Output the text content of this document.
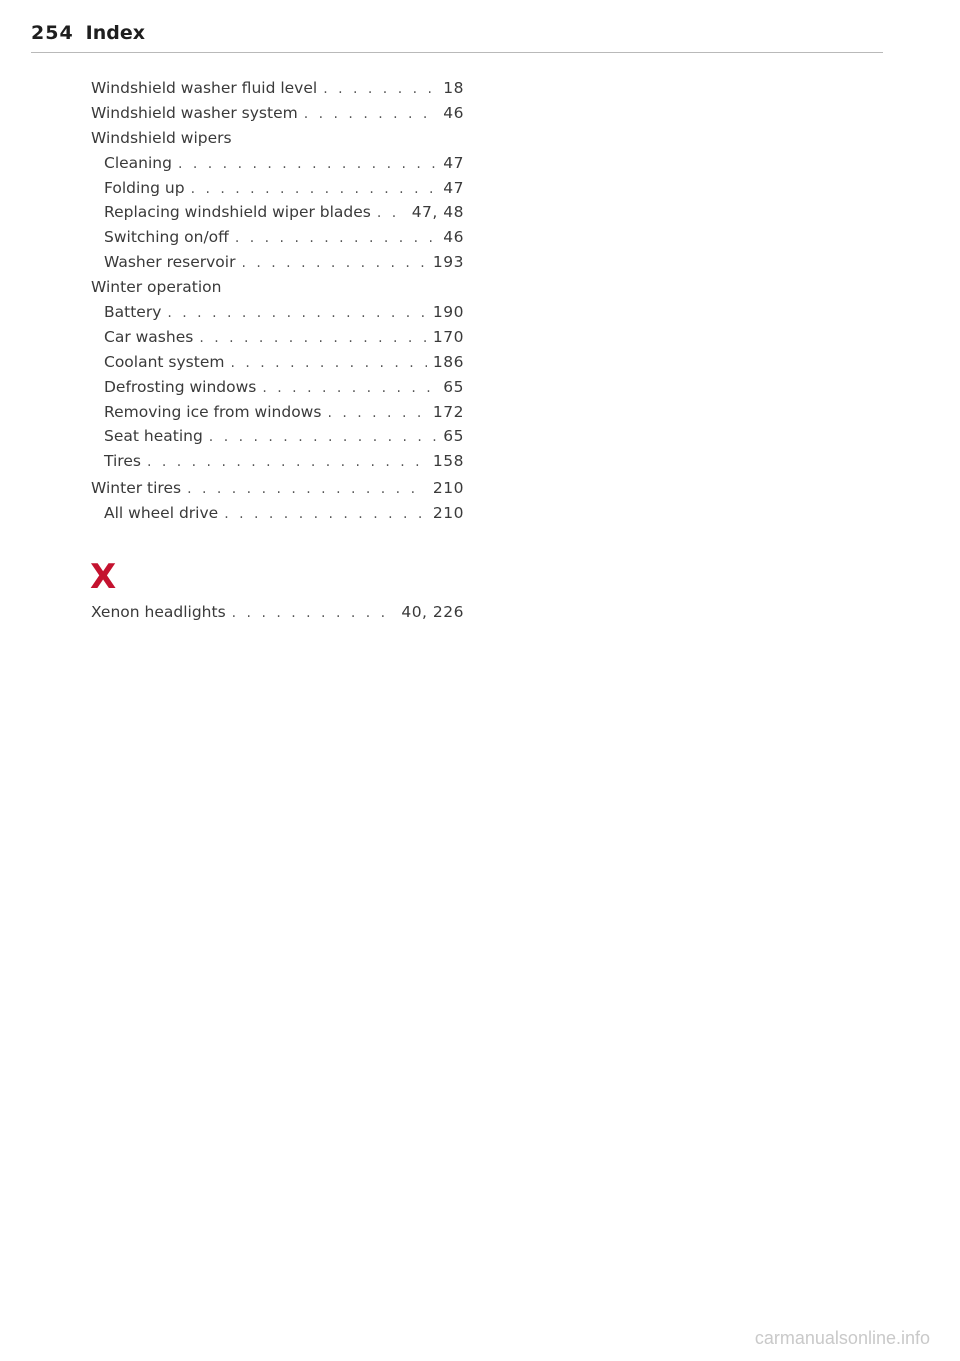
254 Index
Windshield washer fluid level . . .	18
Windshield washer system . . .	46
Windshield wipers
Cleaning . . .	47
Folding up . . .	47
Replacing windshield wiper blades . . .	47, 48
Switching on/off . . .	46
Washer reservoir . . .	193
Winter operation
Battery . . .	190
Car washes . . .	170
Coolant system . . .	186
Defrosting windows . . .	65
Removing ice from windows . . .	172
Seat heating . . .	65
Tires . . .	158
Winter tires . . .	210
All wheel drive . . .	210
X
Xenon headlights . . .	40, 226
carmanualsonline.info
